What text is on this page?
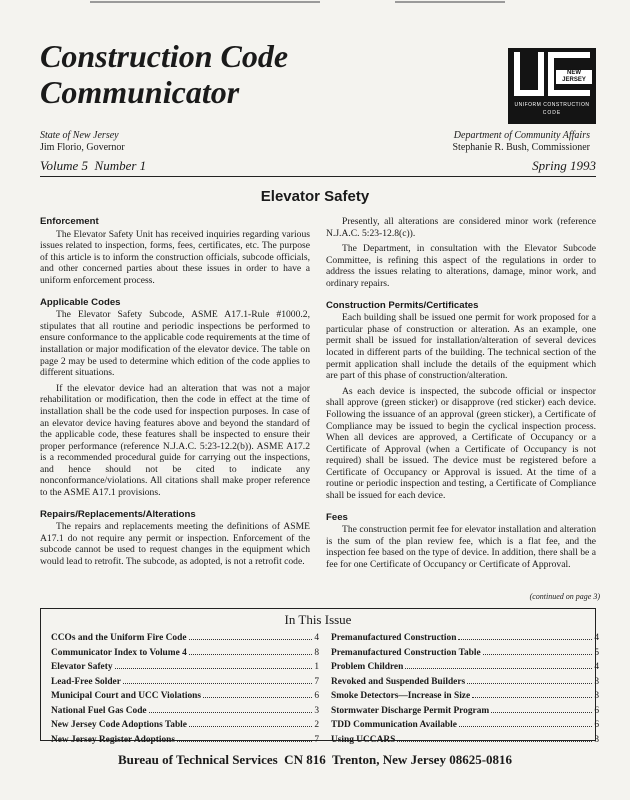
Construction Code
Communicator
NEW JERSEY
UNIFORM CONSTRUCTION
CODE
State of New Jersey
Jim Florio, Governor
Department of Community Affairs
Stephanie R. Bush, Commissioner
Volume 5  Number 1	Spring 1993
Elevator Safety
Enforcement

The Elevator Safety Unit has received inquiries regarding various issues related to inspection, forms, fees, certificates, etc. The purpose of this article is to inform the construction officials, subcode officials, and other concerned parties about these issues in order to have a uniform enforcement process.

Applicable Codes

The Elevator Safety Subcode, ASME A17.1-Rule #1000.2, stipulates that all routine and periodic inspections be performed to ensure conformance to the applicable code requirements at the time of installation or major modification of the elevator device. The table on page 2 may be used to determine which edition of the code applies to different situations.

If the elevator device had an alteration that was not a major rehabilitation or modification, then the code in effect at the time of installation shall be the code used for inspection purposes. In case of an elevator device having features above and beyond the standard of the applicable code, these features shall be inspected to ensure their proper performance (reference N.J.A.C. 5:23-12.2(b)). ASME A17.2 is a recommended procedural guide for carrying out the inspections, and hence should not be cited to indicate any nonconformance/violations. All citations shall make proper reference to the ASME A17.1 provisions.

Repairs/Replacements/Alterations

The repairs and replacements meeting the definitions of ASME A17.1 do not require any permit or inspection. Enforcement of the subcode cannot be used to request changes in the equipment which would lead to retrofit. The subcode, as adopted, is not a retrofit code.

Presently, all alterations are considered minor work (reference N.J.A.C. 5:23-12.8(c)).

The Department, in consultation with the Elevator Subcode Committee, is refining this aspect of the regulations in order to address the issues relating to alterations, damage, minor work, and ordinary repairs.

Construction Permits/Certificates

Each building shall be issued one permit for work proposed for a particular phase of construction or alteration. As an example, one permit shall be issued for installation/alteration of several devices located in different parts of the building. The technical section of the permit application shall include the details of the equipment which are part of this phase of construction/alteration.

As each device is inspected, the subcode official or inspector shall approve (green sticker) or disapprove (red sticker) each device. Following the issuance of an approval (green sticker), a Certificate of Compliance may be issued to begin the cyclical inspection process. When all devices are approved, a Certificate of Occupancy or a Certificate of Approval (when a Certificate of Occupancy is not required) shall be issued. The device must be registered before a Certificate of Occupancy or Approval is issued. At the time of a routine or periodic inspection and testing, a Certificate of Compliance shall be issued for each device.

Fees

The construction permit fee for elevator installation and alteration is the sum of the plan review fee, which is a flat fee, and the inspection fee based on the type of device. In addition, there shall be a fee for one Certificate of Occupancy or Certificate of Approval.

(continued on page 3)
In This Issue
CCOs and the Uniform Fire Code	4
Communicator Index to Volume 4	8
Elevator Safety	1
Lead-Free Solder	7
Municipal Court and UCC Violations	6
National Fuel Gas Code	3
New Jersey Code Adoptions Table	2
New Jersey Register Adoptions	7
Premanufactured Construction	4
Premanufactured Construction Table	5
Problem Children	4
Revoked and Suspended Builders	3
Smoke Detectors—Increase in Size	3
Stormwater Discharge Permit Program	6
TDD Communication Available	6
Using UCCARS	3
Bureau of Technical Services  CN 816  Trenton, New Jersey 08625-0816
